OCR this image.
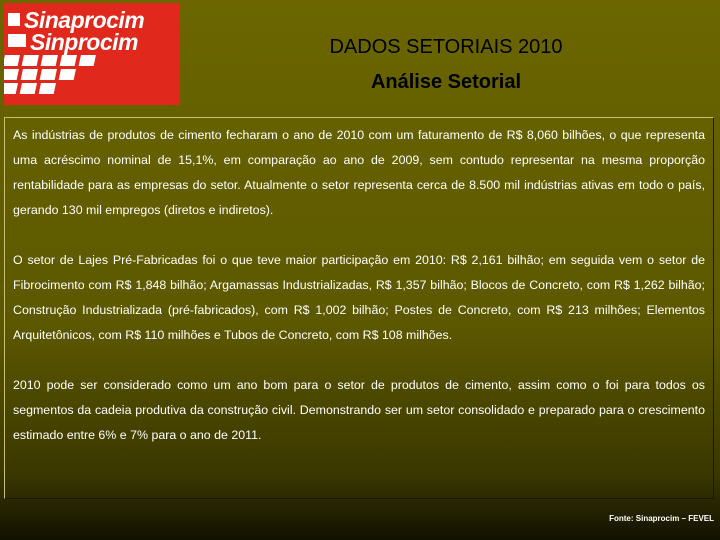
Sinaprocim
Sinprocim	DADOS SETORIAIS 2010
Análise Setorial

As indústrias de produtos de cimento fecharam o ano de 2010 com um faturamento de R$ 8,060 bilhões, o que representa uma acréscimo nominal de 15,1%, em comparação ao ano de 2009, sem contudo representar na mesma proporção rentabilidade para as empresas do setor. Atualmente o setor representa cerca de 8.500 mil indústrias ativas em todo o país, gerando 130 mil empregos (diretos e indiretos).

O setor de Lajes Pré-Fabricadas foi o que teve maior participação em 2010: R$ 2,161 bilhão; em seguida vem o setor de Fibrocimento com R$ 1,848 bilhão; Argamassas Industrializadas, R$ 1,357 bilhão; Blocos de Concreto, com R$ 1,262 bilhão; Construção Industrializada (pré-fabricados), com R$ 1,002 bilhão; Postes de Concreto, com R$ 213 milhões; Elementos Arquitetônicos, com R$ 110 milhões e Tubos de Concreto, com R$ 108 milhões.

2010 pode ser considerado como um ano bom para o setor de produtos de cimento, assim como o foi para todos os segmentos da cadeia produtiva da construção civil. Demonstrando ser um setor consolidado e preparado para o crescimento estimado entre 6% e 7% para o ano de 2011.

Fonte: Sinaprocim – FEVEL
